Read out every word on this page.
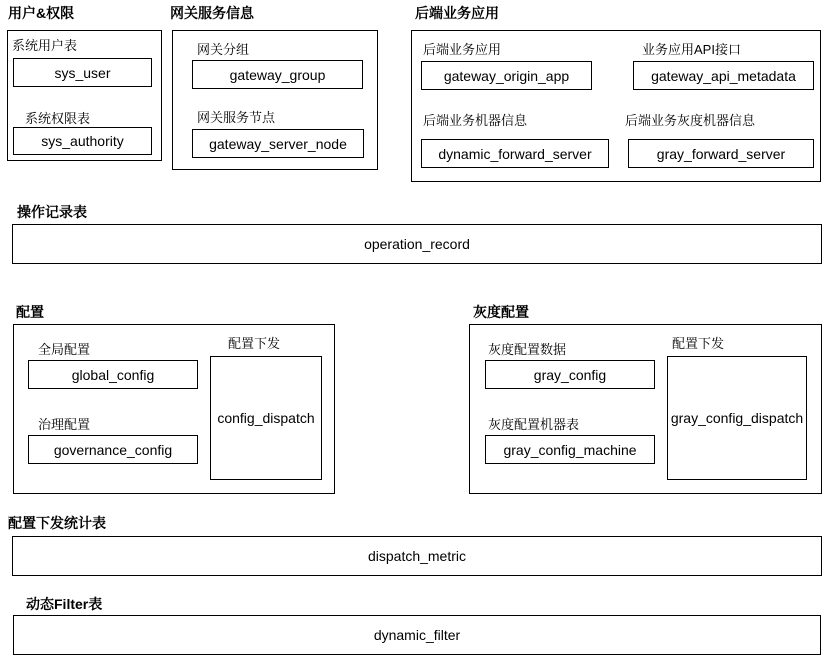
用户&权限
系统用户表
sys_user
系统权限表
sys_authority
网关服务信息
网关分组
gateway_group
网关服务节点
gateway_server_node
后端业务应用
后端业务应用
gateway_origin_app
业务应用API接口
gateway_api_metadata
后端业务机器信息
dynamic_forward_server
后端业务灰度机器信息
gray_forward_server
操作记录表
operation_record
配置
全局配置
global_config
配置下发
config_dispatch
治理配置
governance_config
灰度配置
灰度配置数据
gray_config
配置下发
gray_config_dispatch
灰度配置机器表
gray_config_machine
配置下发统计表
dispatch_metric
动态Filter表
dynamic_filter
